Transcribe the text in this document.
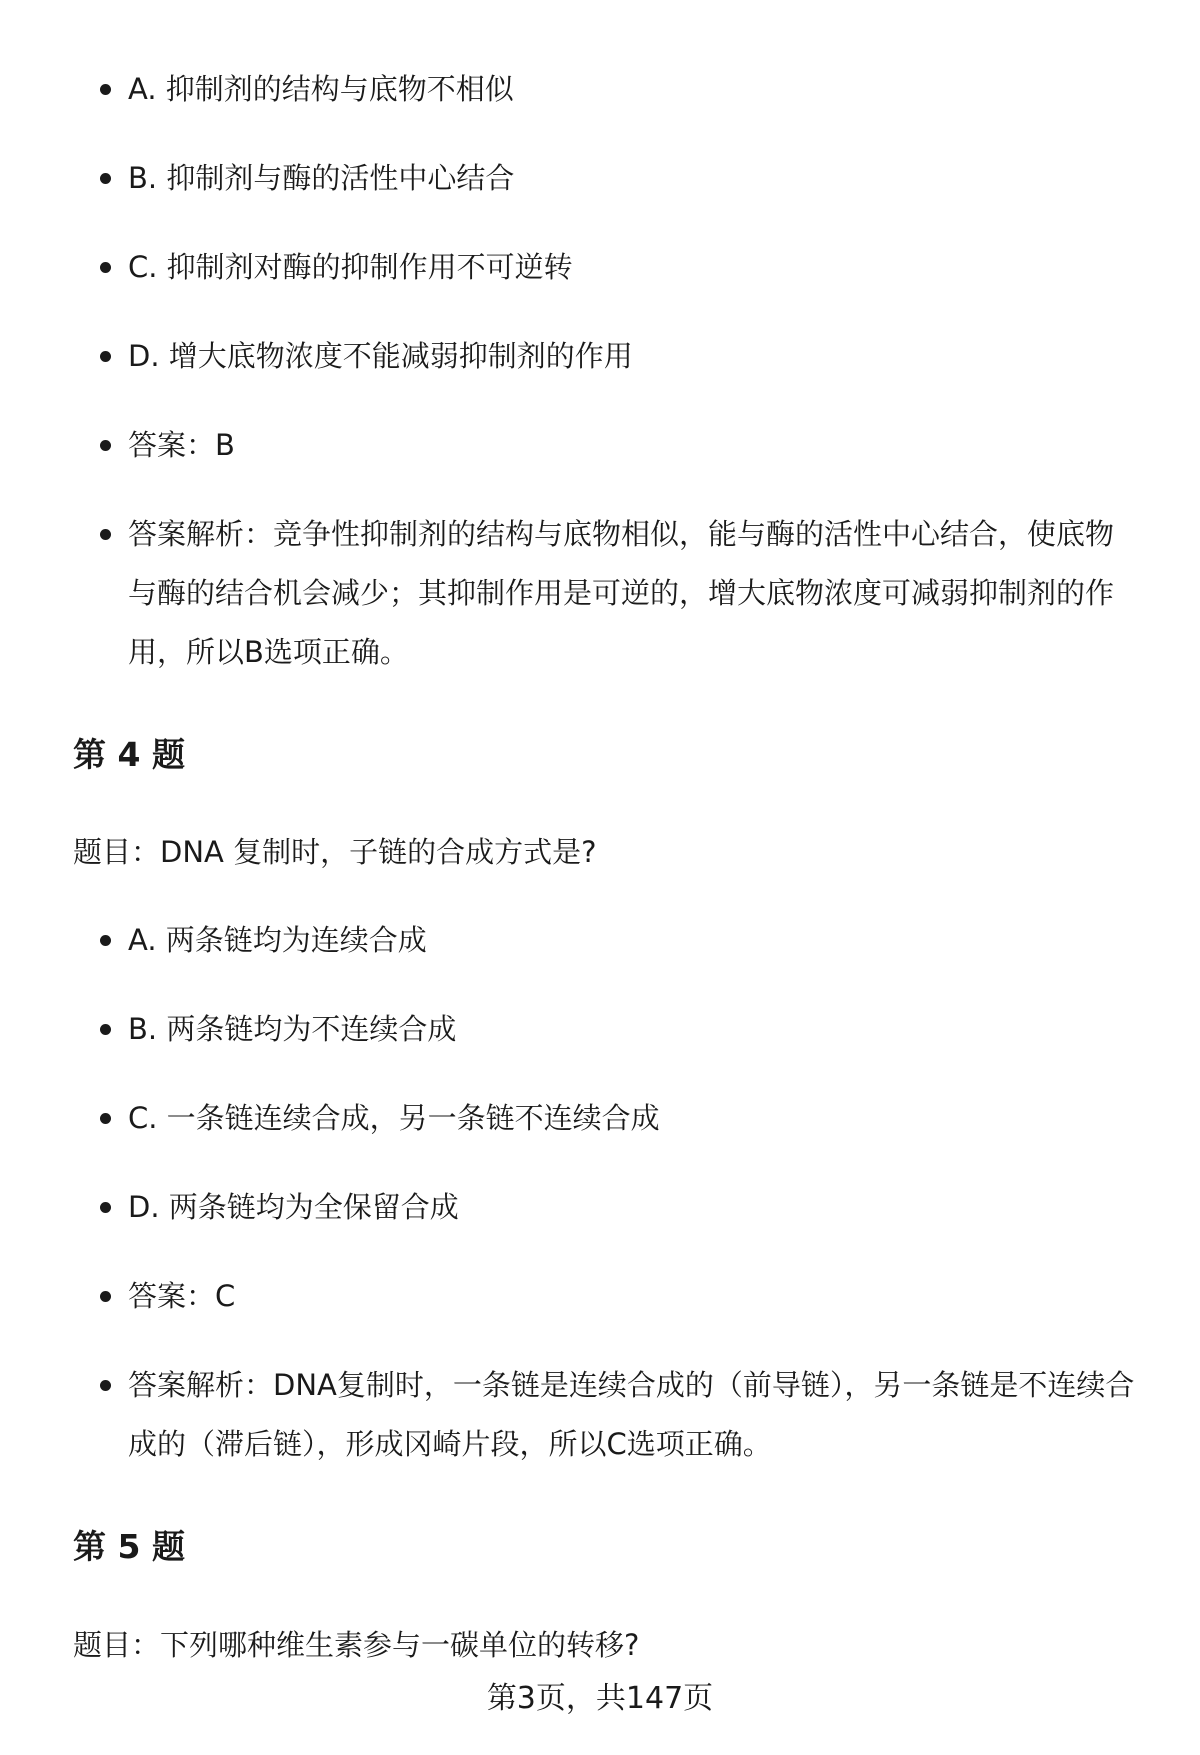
A. 抑制剂的结构与底物不相似
B. 抑制剂与酶的活性中心结合
C. 抑制剂对酶的抑制作用不可逆转
D. 增大底物浓度不能减弱抑制剂的作用
答案：B
答案解析：竞争性抑制剂的结构与底物相似，能与酶的活性中心结合，使底物与酶的结合机会减少；其抑制作用是可逆的，增大底物浓度可减弱抑制剂的作用，所以B选项正确。
第 4 题
题目：DNA 复制时，子链的合成方式是?
A. 两条链均为连续合成
B. 两条链均为不连续合成
C. 一条链连续合成，另一条链不连续合成
D. 两条链均为全保留合成
答案：C
答案解析：DNA复制时，一条链是连续合成的（前导链），另一条链是不连续合成的（滞后链），形成冈崎片段，所以C选项正确。
第 5 题
题目：下列哪种维生素参与一碳单位的转移?
第3页，共147页
